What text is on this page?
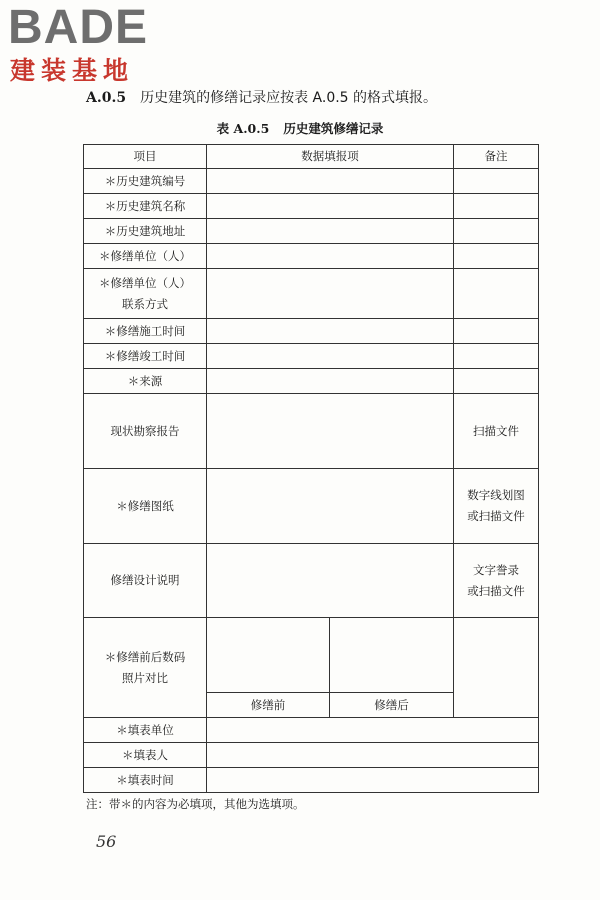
BADE
建装基地
A.0.5 历史建筑的修缮记录应按表 A.0.5 的格式填报。
表 A.0.5 历史建筑修缮记录
项目	数据填报项		备注
＊历史建筑编号			
＊历史建筑名称			
＊历史建筑地址			
＊修缮单位（人）			

＊修缮单位（人）
联系方式			

＊修缮施工时间			
＊修缮竣工时间			
＊来源			
现状勘察报告			扫描文件
＊修缮图纸			数字线划图
或扫描文件

修缮设计说明			文字誊录
或扫描文件

＊修缮前后数码
照片对比			

	修缮前	修缮后	
＊填表单位			
＊填表人			
＊填表时间			
注：带＊的内容为必填项，其他为选填项。
56
